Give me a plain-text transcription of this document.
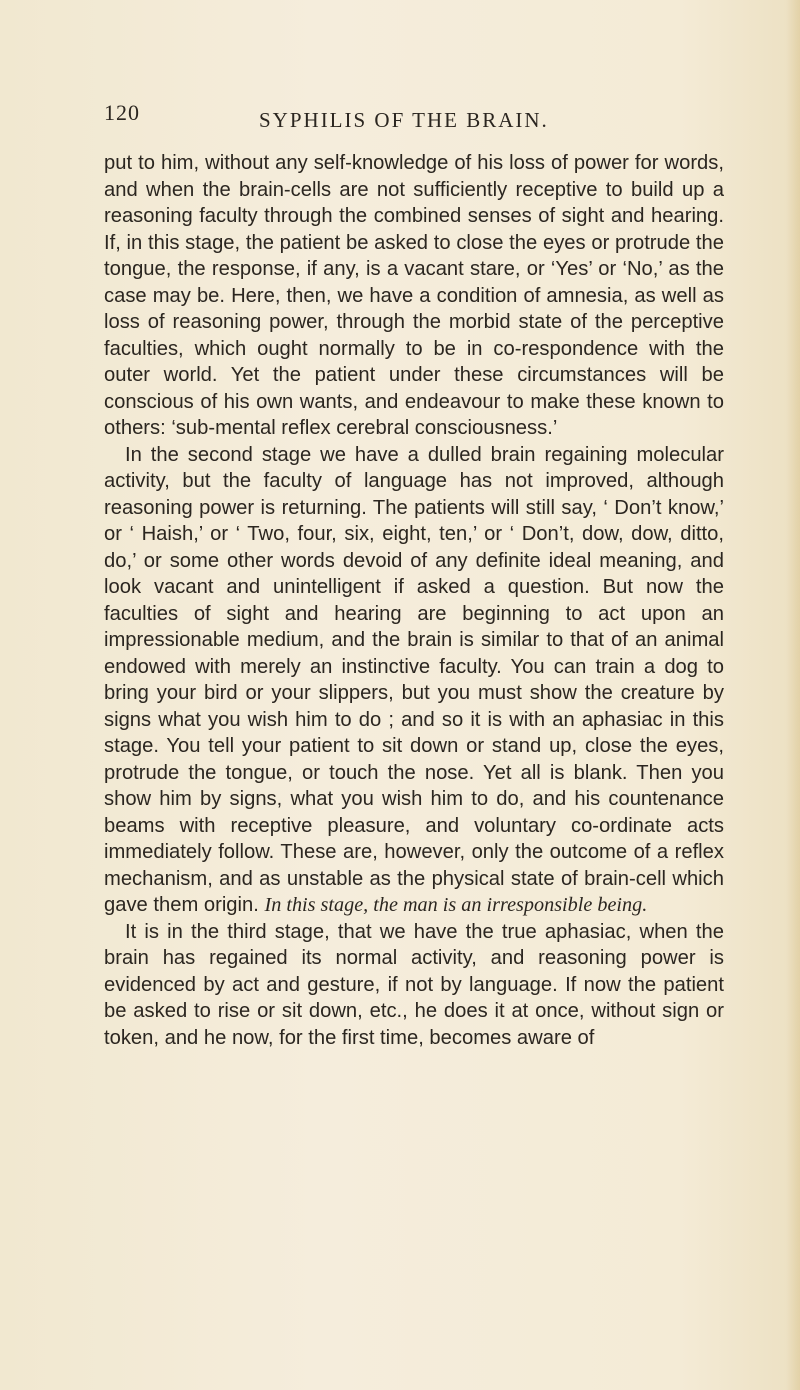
120	SYPHILIS OF THE BRAIN.

put to him, without any self-knowledge of his loss of power for words, and when the brain-cells are not sufficiently receptive to build up a reasoning faculty through the combined senses of sight and hearing. If, in this stage, the patient be asked to close the eyes or protrude the tongue, the response, if any, is a vacant stare, or ‘Yes’ or ‘No,’ as the case may be. Here, then, we have a condition of amnesia, as well as loss of reasoning power, through the morbid state of the perceptive faculties, which ought normally to be in co-respondence with the outer world. Yet the patient under these circumstances will be conscious of his own wants, and endeavour to make these known to others: ‘sub-mental reflex cerebral consciousness.’

In the second stage we have a dulled brain regaining molecular activity, but the faculty of language has not improved, although reasoning power is returning. The patients will still say, ‘ Don’t know,’ or ‘ Haish,’ or ‘ Two, four, six, eight, ten,’ or ‘ Don’t, dow, dow, ditto, do,’ or some other words devoid of any definite ideal meaning, and look vacant and unintelligent if asked a question. But now the faculties of sight and hearing are beginning to act upon an impressionable medium, and the brain is similar to that of an animal endowed with merely an instinctive faculty. You can train a dog to bring your bird or your slippers, but you must show the creature by signs what you wish him to do ; and so it is with an aphasiac in this stage. You tell your patient to sit down or stand up, close the eyes, protrude the tongue, or touch the nose. Yet all is blank. Then you show him by signs, what you wish him to do, and his countenance beams with receptive pleasure, and voluntary co-ordinate acts immediately follow. These are, however, only the outcome of a reflex mechanism, and as unstable as the physical state of brain-cell which gave them origin. In this stage, the man is an irresponsible being.

It is in the third stage, that we have the true aphasiac, when the brain has regained its normal activity, and reasoning power is evidenced by act and gesture, if not by language. If now the patient be asked to rise or sit down, etc., he does it at once, without sign or token, and he now, for the first time, becomes aware of
